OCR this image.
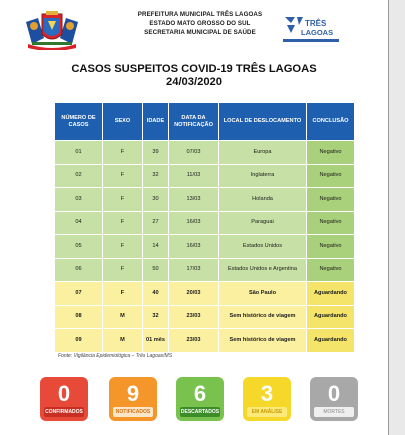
PREFEITURA MUNICIPAL TRÊS LAGOAS
ESTADO MATO GROSSO DO SUL
SECRETARIA MUNICIPAL DE SAÚDE
TRÊS
LAGOAS
CASOS SUSPEITOS COVID-19 TRÊS LAGOAS
24/03/2020
NÚMERO DE CASOS	SEXO	IDADE	DATA DA NOTIFICAÇÃO	LOCAL DE DESLOCAMENTO	CONCLUSÃO
01	F	39	07/03	Europa	Negativo
02	F	32	11/03	Inglaterra	Negativo
03	F	30	13/03	Holanda	Negativo
04	F	27	16/03	Paraguai	Negativo
05	F	14	16/03	Estados Unidos	Negativo
06	F	50	17/03	Estados Unidos e Argentina	Negativo
07	F	40	20/03	São Paulo	Aguardando
08	M	32	23/03	Sem histórico de viagem	Aguardando
09	M	01 mês	23/03	Sem histórico de viagem	Aguardando
Fonte: Vigilância Epidemiológica – Três Lagoas/MS
0
CONFIRMADOS
9
NOTIFICADOS
6
DESCARTADOS
3
EM ANÁLISE
0
MORTES
